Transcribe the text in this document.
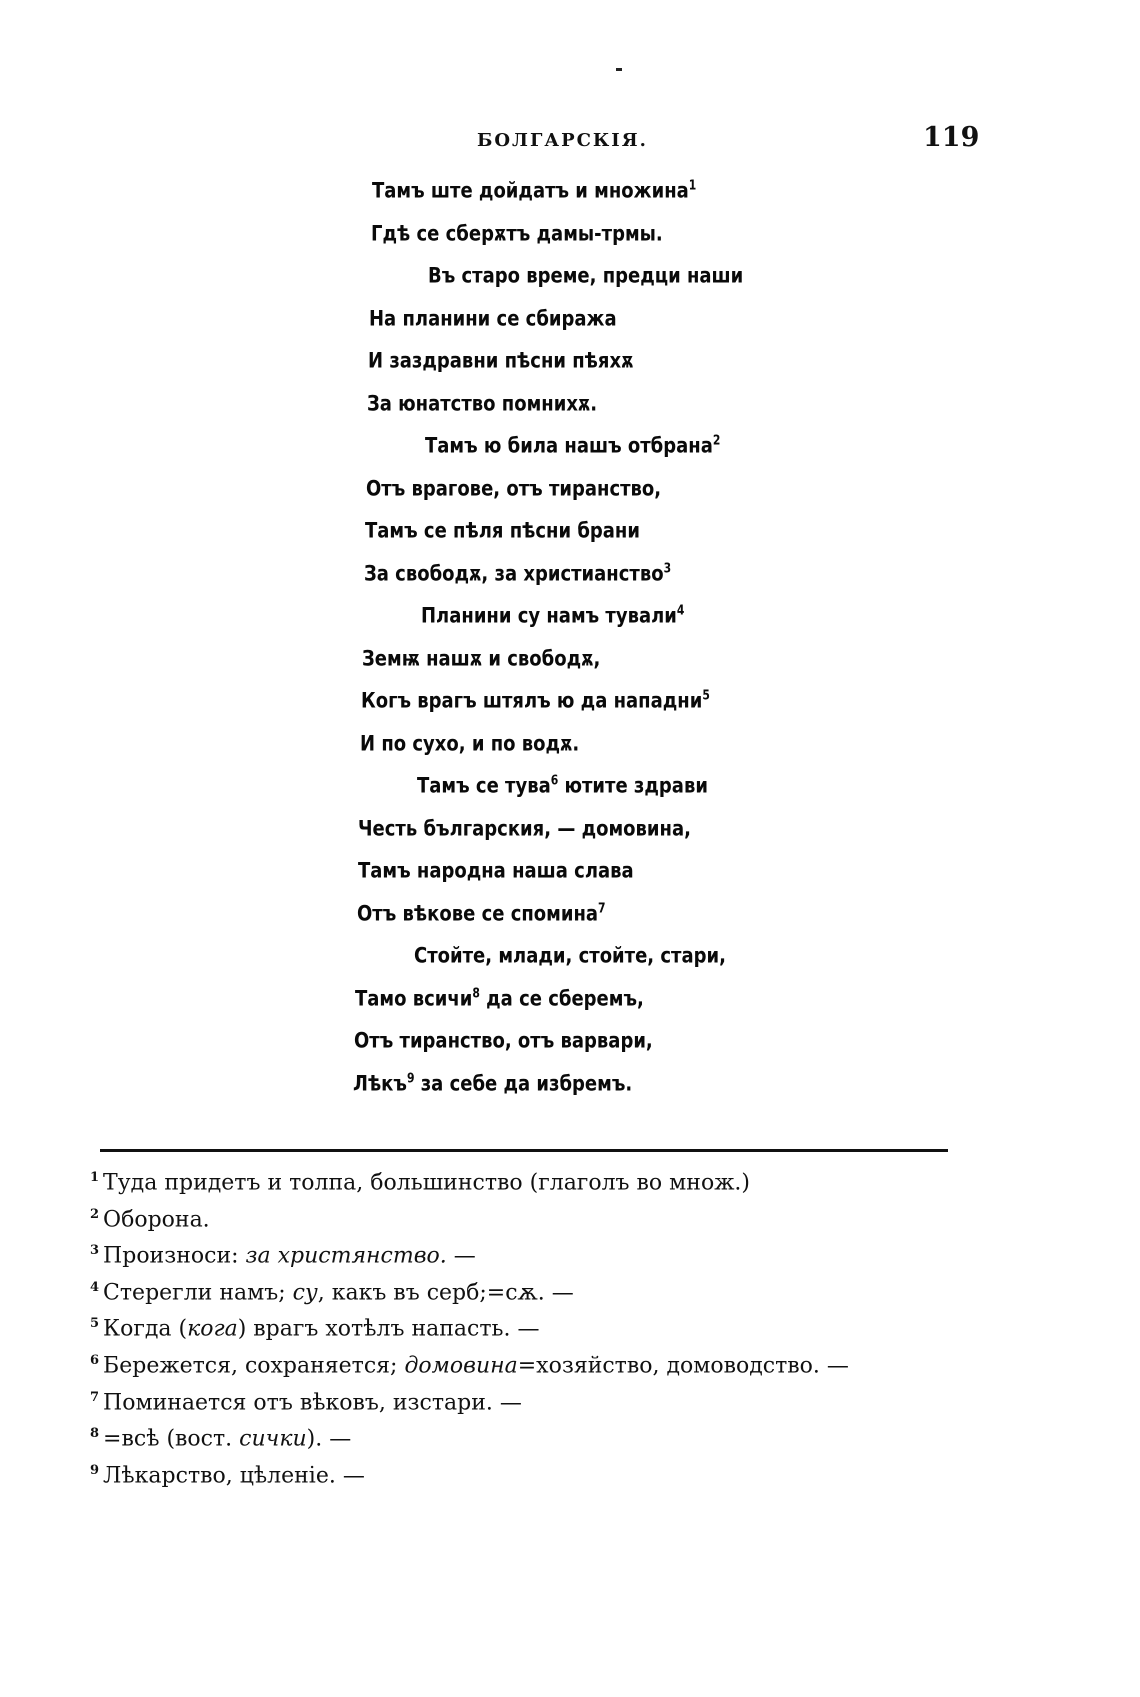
БОЛГАРСКІЯ.	119
Тамъ ште дойдатъ и множина$^1$
Гдѣ се сберѫтъ дамы-трмы.
Въ старо време, предци наши
На планини се сбиража
И заздравни пѣсни пѣяхѫ
За юнатство помнихѫ.
Тамъ ю била нашъ отбрана$^2$
Отъ врагове, отъ тиранство,
Тамъ се пѣля пѣсни брани
За свободѫ, за христианство$^3$
Планини су намъ тували$^4$
Земѭ нашѫ и свободѫ,
Когъ врагъ штялъ ю да нападни$^5$
И по сухо, и по водѫ.
Тамъ се тува$^6$ ютите здрави
Честь българския, — домовина,
Тамъ народна наша слава
Отъ вѣкове се спомина$^7$
Стойте, млади, стойте, стари,
Тамо всичи$^8$ да се сберемъ,
Отъ тиранство, отъ варвари,
Лѣкъ$^9$ за себе да избремъ.
$^1$ Туда придетъ и толпа, большинство (глаголъ во множ.)
$^2$ Оборона.
$^3$ Произноси: за христянство. —
$^4$ Стерегли намъ; су, какъ въ серб;=сѫ. —
$^5$ Когда (кога) врагъ хотѣлъ напасть. —
$^6$ Бережется, сохраняется; домовина=хозяйство, домоводство. —
$^7$ Поминается отъ вѣковъ, изстари. —
$^8$ =всѣ (вост. сички). —
$^9$ Лѣкарство, цѣленіе. —
